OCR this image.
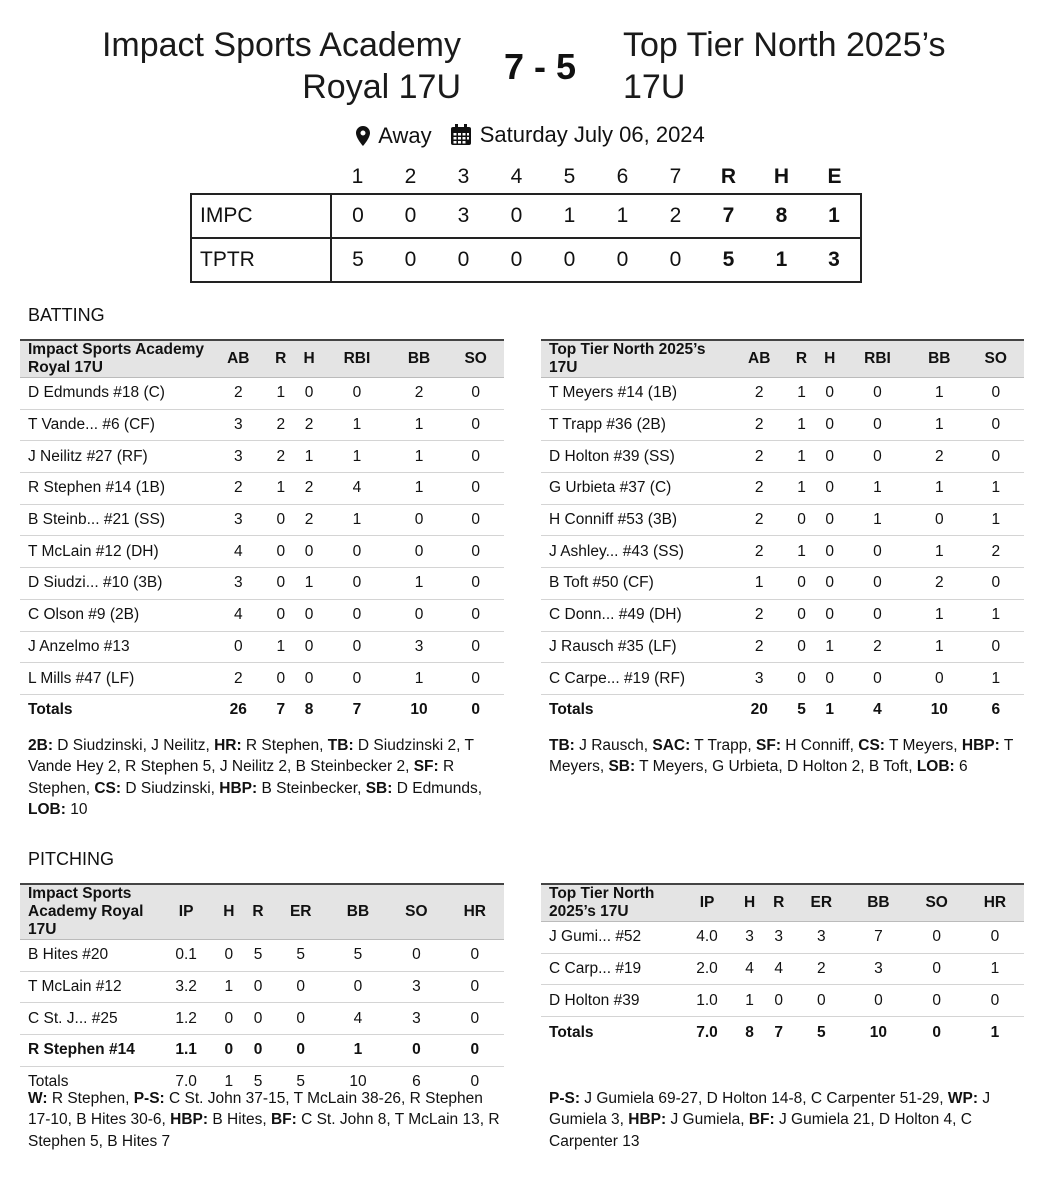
Impact Sports Academy
Royal 17U	7 - 5
Top Tier North 2025’s
17U
Away
Saturday July 06, 2024
	1	2	3	4	5	6	7	R	H	E
IMPC	0	0	3	0	1	1	2	7	8	1
TPTR	5	0	0	0	0	0	0	5	1	3
BATTING
Impact Sports Academy Royal 17U	AB	R	H	RBI	BB	SO
D Edmunds #18 (C)	2	1	0	0	2	0
T Vande... #6 (CF)	3	2	2	1	1	0
J Neilitz #27 (RF)	3	2	1	1	1	0
R Stephen #14 (1B)	2	1	2	4	1	0
B Steinb... #21 (SS)	3	0	2	1	0	0
T McLain #12 (DH)	4	0	0	0	0	0
D Siudzi... #10 (3B)	3	0	1	0	1	0
C Olson #9 (2B)	4	0	0	0	0	0
J Anzelmo #13	0	1	0	0	3	0
L Mills #47 (LF)	2	0	0	0	1	0
Totals	26	7	8	7	10	0
Top Tier North 2025’s 17U	AB	R	H	RBI	BB	SO
T Meyers #14 (1B)	2	1	0	0	1	0
T Trapp #36 (2B)	2	1	0	0	1	0
D Holton #39 (SS)	2	1	0	0	2	0
G Urbieta #37 (C)	2	1	0	1	1	1
H Conniff #53 (3B)	2	0	0	1	0	1
J Ashley... #43 (SS)	2	1	0	0	1	2
B Toft #50 (CF)	1	0	0	0	2	0
C Donn... #49 (DH)	2	0	0	0	1	1
J Rausch #35 (LF)	2	0	1	2	1	0
C Carpe... #19 (RF)	3	0	0	0	0	1
Totals	20	5	1	4	10	6
2B: D Siudzinski, J Neilitz, HR: R Stephen, TB: D Siudzinski 2, T Vande Hey 2, R Stephen 5, J Neilitz 2, B Steinbecker 2, SF: R Stephen, CS: D Siudzinski, HBP: B Steinbecker, SB: D Edmunds, LOB: 10
TB: J Rausch, SAC: T Trapp, SF: H Conniff, CS: T Meyers, HBP: T Meyers, SB: T Meyers, G Urbieta, D Holton 2, B Toft, LOB: 6
PITCHING
Impact Sports Academy Royal 17U	IP	H	R	ER	BB	SO	HR
B Hites #20	0.1	0	5	5	5	0	0
T McLain #12	3.2	1	0	0	0	3	0
C St. J... #25	1.2	0	0	0	4	3	0
R Stephen #14	1.1	0	0	0	1	0	0
Totals	7.0	1	5	5	10	6	0
Top Tier North 2025’s 17U	IP	H	R	ER	BB	SO	HR
J Gumi... #52	4.0	3	3	3	7	0	0
C Carp... #19	2.0	4	4	2	3	0	1
D Holton #39	1.0	1	0	0	0	0	0
Totals	7.0	8	7	5	10	0	1
W: R Stephen, P-S: C St. John 37-15, T McLain 38-26, R Stephen 17-10, B Hites 30-6, HBP: B Hites, BF: C St. John 8, T McLain 13, R Stephen 5, B Hites 7
P-S: J Gumiela 69-27, D Holton 14-8, C Carpenter 51-29, WP: J Gumiela 3, HBP: J Gumiela, BF: J Gumiela 21, D Holton 4, C Carpenter 13
